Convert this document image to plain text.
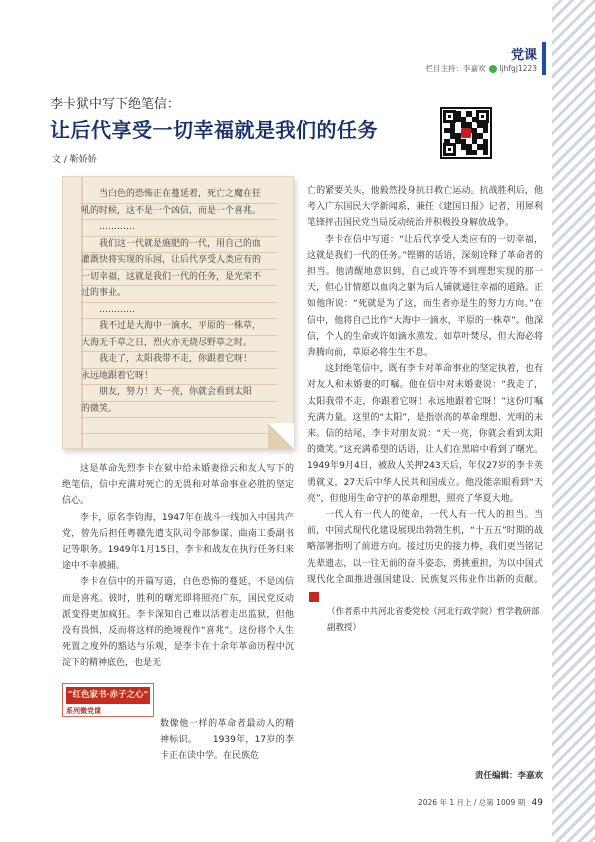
党课
栏目主持：李嘉欢 ljhfgj1223
李卡狱中写下绝笔信：
让后代享受一切幸福就是我们的任务
文 / 靳娇娇
当白色的恐怖正在蔓延着，死亡之魔在狂
吼的时候，这不是一个凶信，而是一个喜兆。
…………
我们这一代就是施肥的一代，用自己的血
灌溉快将实现的乐园，让后代享受人类应有的
一切幸福，这就是我们一代的任务，是光荣不
过的事业。
…………
我不过是大海中一滴水，平原的一株草，
大海无千草之日，烈火亦无烧尽野草之时。
我走了，太阳我带不走，你跟着它呀！
永远地跟着它呀！
朋友，努力！天一亮，你就会看到太阳
的微笑。

这是革命先烈李卡在狱中给未婚妻徐云和友人写下的绝笔信，信中充满对死亡的无畏和对革命事业必胜的坚定信心。

李卡，原名李钧海，1947年在战斗一线加入中国共产党，曾先后担任粤赣先遣支队司令部参谋、曲南工委副书记等职务。1949年1月15日，李卡和战友在执行任务归来途中不幸被捕。

李卡在信中的开篇写道，白色恐怖的蔓延，不是凶信而是喜兆。彼时，胜利的曙光即将照亮广东，国民党反动派变得更加疯狂。李卡深知自己难以活着走出监狱，但他没有畏惧，反而将这样的绝境视作“喜兆”。这份将个人生死置之度外的豁达与乐观，是李卡在十余年革命历程中沉淀下的精神底色，也是无

“红色家书·赤子之心”
系列微党课

数像他一样的革命者最动人的精神标识。     1939年，17岁的李卡正在读中学。在民族危

亡的紧要关头，他毅然投身抗日救亡运动。抗战胜利后，他考入广东国民大学新闻系，兼任《建国日报》记者，用犀利笔锋抨击国民党当局反动统治并积极投身解放战争。

李卡在信中写道：“让后代享受人类应有的一切幸福，这就是我们一代的任务。”铿锵的话语，深刻诠释了革命者的担当。他清醒地意识到，自己或许等不到理想实现的那一天，但心甘情愿以血肉之躯为后人铺就通往幸福的道路。正如他所说：“死就是为了这，而生者亦是生的努力方向。”在信中，他将自己比作“大海中一滴水，平原的一株草”。他深信，个人的生命或许如滴水蒸发、如草叶焚尽，但大海必将奔腾向前，草原必将生生不息。

这封绝笔信中，既有李卡对革命事业的坚定执着，也有对友人和未婚妻的叮嘱。他在信中对未婚妻说：“我走了，太阳我带不走，你跟着它呀！永远地跟着它呀！”这份叮嘱充满力量。这里的“太阳”，是指崇高的革命理想、光明的未来。信的结尾，李卡对朋友说：“天一亮，你就会看到太阳的微笑。”这充满希望的话语，让人们在黑暗中看到了曙光。1949年9月4日，被敌人关押243天后，年仅27岁的李卡英勇就义，27天后中华人民共和国成立。他没能亲眼看到“天亮”，但他用生命守护的革命理想，照亮了华夏大地。

一代人有一代人的使命，一代人有一代人的担当。当前，中国式现代化建设展现出勃勃生机，“十五五”时期的战略部署指明了前进方向。接过历史的接力棒，我们更当铭记先辈遗志，以一往无前的奋斗姿态，勇挑重担，为以中国式现代化全面推进强国建设、民族复兴伟业作出新的贡献。旧

（作者系中共河北省委党校（河北行政学院）哲学教研部副教授）

责任编辑：李嘉欢
2026 年 1 月上 / 总第 1009 期 49
